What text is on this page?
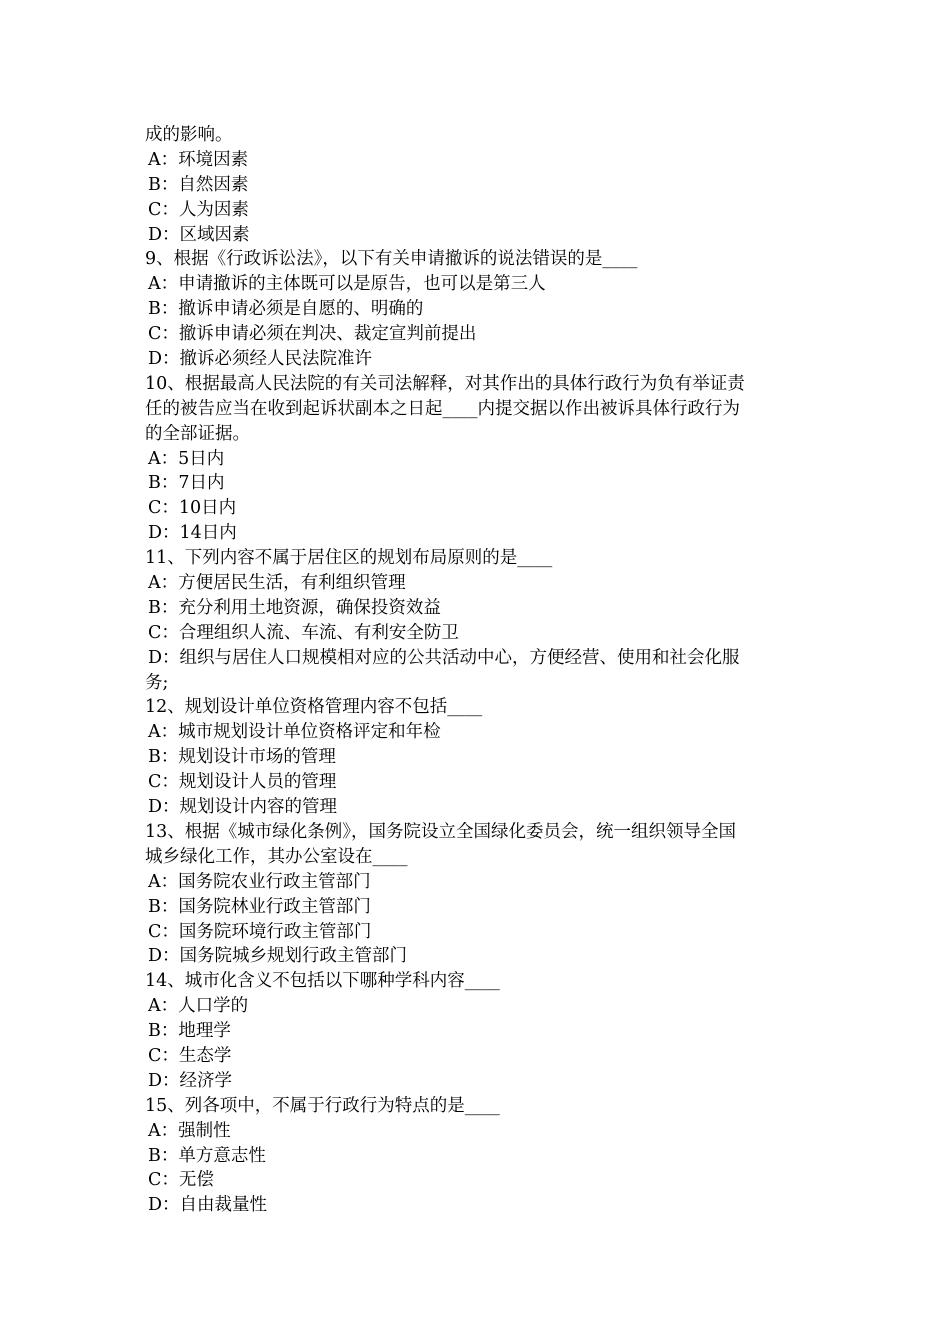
成的影响。
A：环境因素
B：自然因素
C：人为因素
D：区域因素
9、根据《行政诉讼法》，以下有关申请撤诉的说法错误的是____
A：申请撤诉的主体既可以是原告，也可以是第三人
B：撤诉申请必须是自愿的、明确的
C：撤诉申请必须在判决、裁定宣判前提出
D：撤诉必须经人民法院准许
10、根据最高人民法院的有关司法解释，对其作出的具体行政行为负有举证责
任的被告应当在收到起诉状副本之日起____内提交据以作出被诉具体行政行为
的全部证据。
A：5日内
B：7日内
C：10日内
D：14日内
11、下列内容不属于居住区的规划布局原则的是____
A：方便居民生活，有利组织管理
B：充分利用土地资源，确保投资效益
C：合理组织人流、车流、有利安全防卫
D：组织与居住人口规模相对应的公共活动中心，方便经营、使用和社会化服
务;
12、规划设计单位资格管理内容不包括____
A：城市规划设计单位资格评定和年检
B：规划设计市场的管理
C：规划设计人员的管理
D：规划设计内容的管理
13、根据《城市绿化条例》，国务院设立全国绿化委员会，统一组织领导全国
城乡绿化工作，其办公室设在____
A：国务院农业行政主管部门
B：国务院林业行政主管部门
C：国务院环境行政主管部门
D：国务院城乡规划行政主管部门
14、城市化含义不包括以下哪种学科内容____
A：人口学的
B：地理学
C：生态学
D：经济学
15、列各项中，不属于行政行为特点的是____
A：强制性
B：单方意志性
C：无偿
D：自由裁量性
